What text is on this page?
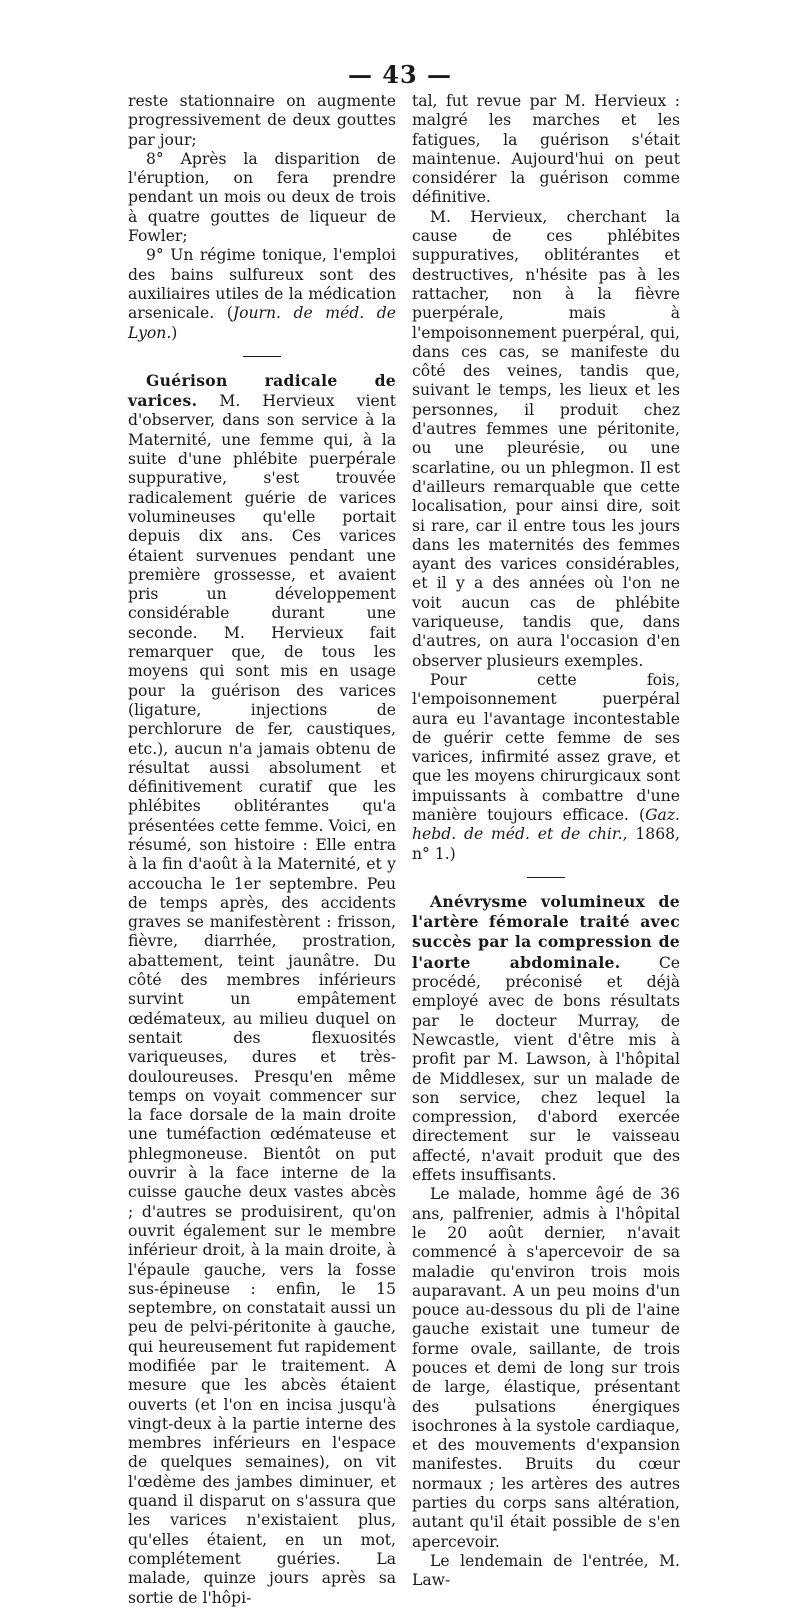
— 43 —

reste stationnaire on augmente progressivement de deux gouttes par jour;

8° Après la disparition de l'éruption, on fera prendre pendant un mois ou deux de trois à quatre gouttes de liqueur de Fowler;

9° Un régime tonique, l'emploi des bains sulfureux sont des auxiliaires utiles de la médication arsenicale. (Journ. de méd. de Lyon.)

Guérison radicale de varices. M. Hervieux vient d'observer, dans son service à la Maternité, une femme qui, à la suite d'une phlébite puerpérale suppurative, s'est trouvée radicalement guérie de varices volumineuses qu'elle portait depuis dix ans. Ces varices étaient survenues pendant une première grossesse, et avaient pris un développement considérable durant une seconde. M. Hervieux fait remarquer que, de tous les moyens qui sont mis en usage pour la guérison des varices (ligature, injections de perchlorure de fer, caustiques, etc.), aucun n'a jamais obtenu de résultat aussi absolument et définitivement curatif que les phlébites oblitérantes qu'a présentées cette femme. Voici, en résumé, son histoire : Elle entra à la fin d'août à la Maternité, et y accoucha le 1er septembre. Peu de temps après, des accidents graves se manifestèrent : frisson, fièvre, diarrhée, prostration, abattement, teint jaunâtre. Du côté des membres inférieurs survint un empâtement œdémateux, au milieu duquel on sentait des flexuosités variqueuses, dures et très-douloureuses. Presqu'en même temps on voyait commencer sur la face dorsale de la main droite une tuméfaction œdémateuse et phlegmoneuse. Bientôt on put ouvrir à la face interne de la cuisse gauche deux vastes abcès ; d'autres se produisirent, qu'on ouvrit également sur le membre inférieur droit, à la main droite, à l'épaule gauche, vers la fosse sus-épineuse : enfin, le 15 septembre, on constatait aussi un peu de pelvi-péritonite à gauche, qui heureusement fut rapidement modifiée par le traitement. A mesure que les abcès étaient ouverts (et l'on en incisa jusqu'à vingt-deux à la partie interne des membres inférieurs en l'espace de quelques semaines), on vit l'œdème des jambes diminuer, et quand il disparut on s'assura que les varices n'existaient plus, qu'elles étaient, en un mot, complétement guéries. La malade, quinze jours après sa sortie de l'hôpi-

tal, fut revue par M. Hervieux : malgré les marches et les fatigues, la guérison s'était maintenue. Aujourd'hui on peut considérer la guérison comme définitive.

M. Hervieux, cherchant la cause de ces phlébites suppuratives, oblitérantes et destructives, n'hésite pas à les rattacher, non à la fièvre puerpérale, mais à l'empoisonnement puerpéral, qui, dans ces cas, se manifeste du côté des veines, tandis que, suivant le temps, les lieux et les personnes, il produit chez d'autres femmes une péritonite, ou une pleurésie, ou une scarlatine, ou un phlegmon. Il est d'ailleurs remarquable que cette localisation, pour ainsi dire, soit si rare, car il entre tous les jours dans les maternités des femmes ayant des varices considérables, et il y a des années où l'on ne voit aucun cas de phlébite variqueuse, tandis que, dans d'autres, on aura l'occasion d'en observer plusieurs exemples.

Pour cette fois, l'empoisonnement puerpéral aura eu l'avantage incontestable de guérir cette femme de ses varices, infirmité assez grave, et que les moyens chirurgicaux sont impuissants à combattre d'une manière toujours efficace. (Gaz. hebd. de méd. et de chir., 1868, n° 1.)

Anévrysme volumineux de l'artère fémorale traité avec succès par la compression de l'aorte abdominale. Ce procédé, préconisé et déjà employé avec de bons résultats par le docteur Murray, de Newcastle, vient d'être mis à profit par M. Lawson, à l'hôpital de Middlesex, sur un malade de son service, chez lequel la compression, d'abord exercée directement sur le vaisseau affecté, n'avait produit que des effets insuffisants.

Le malade, homme âgé de 36 ans, palfrenier, admis à l'hôpital le 20 août dernier, n'avait commencé à s'apercevoir de sa maladie qu'environ trois mois auparavant. A un peu moins d'un pouce au-dessous du pli de l'aine gauche existait une tumeur de forme ovale, saillante, de trois pouces et demi de long sur trois de large, élastique, présentant des pulsations énergiques isochrones à la systole cardiaque, et des mouvements d'expansion manifestes. Bruits du cœur normaux ; les artères des autres parties du corps sans altération, autant qu'il était possible de s'en apercevoir.

Le lendemain de l'entrée, M. Law-
